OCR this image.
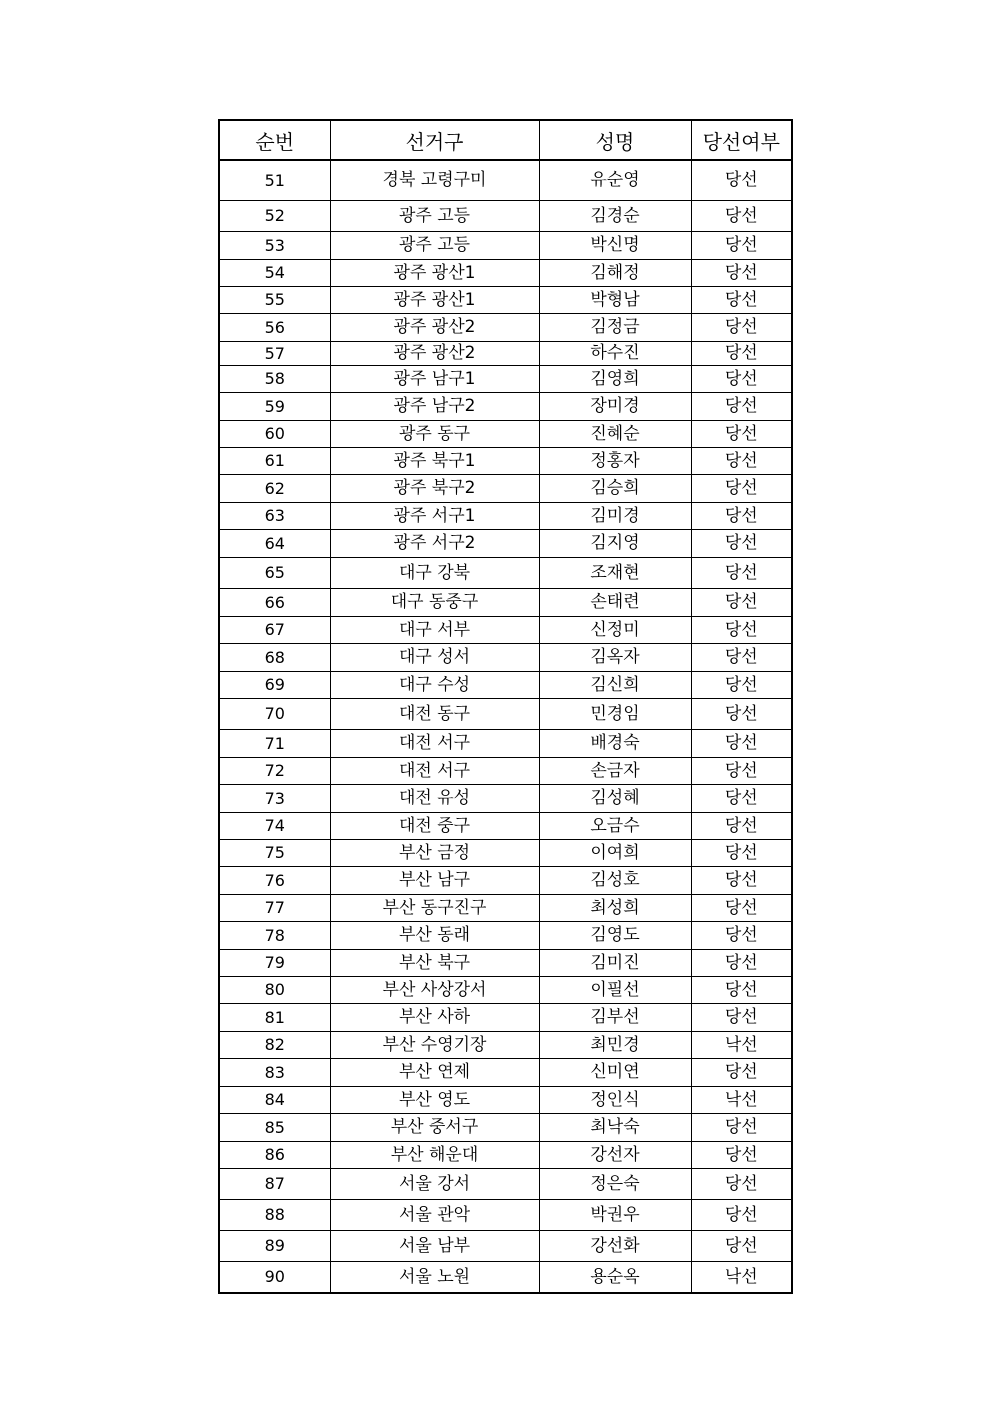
순번	선거구	성명	당선여부
51	경북 고령구미	유순영	당선
52	광주 고등	김경순	당선
53	광주 고등	박신명	당선
54	광주 광산1	김해정	당선
55	광주 광산1	박형남	당선
56	광주 광산2	김정금	당선
57	광주 광산2	하수진	당선
58	광주 남구1	김영희	당선
59	광주 남구2	장미경	당선
60	광주 동구	진혜순	당선
61	광주 북구1	정홍자	당선
62	광주 북구2	김승희	당선
63	광주 서구1	김미경	당선
64	광주 서구2	김지영	당선
65	대구 강북	조재현	당선
66	대구 동중구	손태련	당선
67	대구 서부	신정미	당선
68	대구 성서	김옥자	당선
69	대구 수성	김신희	당선
70	대전 동구	민경임	당선
71	대전 서구	배경숙	당선
72	대전 서구	손금자	당선
73	대전 유성	김성혜	당선
74	대전 중구	오금수	당선
75	부산 금정	이여희	당선
76	부산 남구	김성호	당선
77	부산 동구진구	최성희	당선
78	부산 동래	김영도	당선
79	부산 북구	김미진	당선
80	부산 사상강서	이필선	당선
81	부산 사하	김부선	당선
82	부산 수영기장	최민경	낙선
83	부산 연제	신미연	당선
84	부산 영도	정인식	낙선
85	부산 중서구	최낙숙	당선
86	부산 해운대	강선자	당선
87	서울 강서	정은숙	당선
88	서울 관악	박권우	당선
89	서울 남부	강선화	당선
90	서울 노원	용순옥	낙선
